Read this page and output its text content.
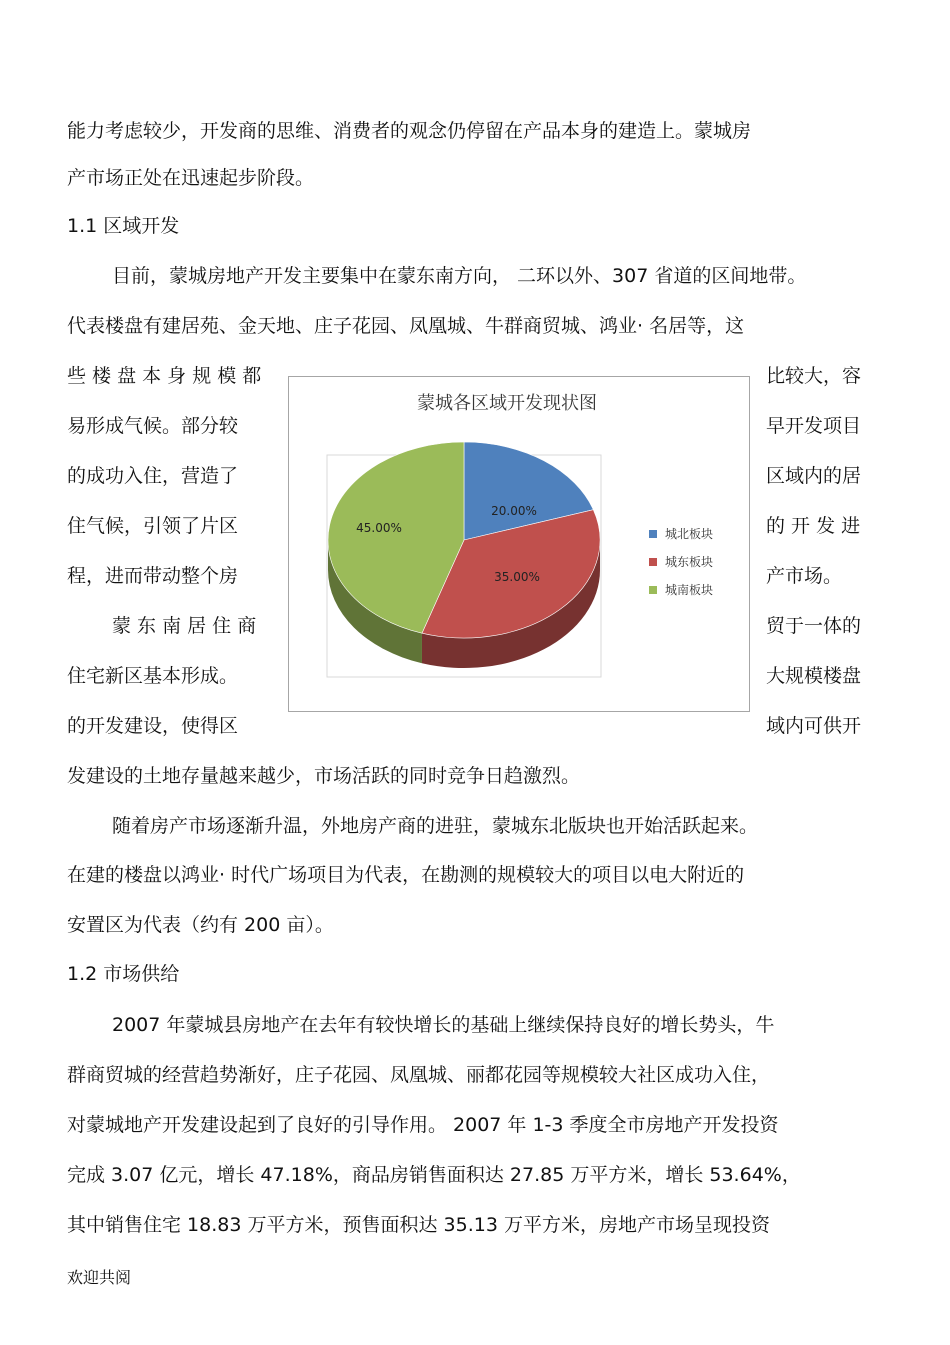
能力考虑较少，开发商的思维、消费者的观念仍停留在产品本身的建造上。蒙城房
产市场正处在迅速起步阶段。
1.1 区域开发
目前，蒙城房地产开发主要集中在蒙东南方向， 二环以外、307 省道的区间地带。
代表楼盘有建居苑、金天地、庄子花园、凤凰城、牛群商贸城、鸿业· 名居等，这
些 楼 盘 本 身 规 模 都
易形成气候。部分较
的成功入住，营造了
住气候，引领了片区
程，进而带动整个房
蒙 东 南 居 住 商
住宅新区基本形成。
的开发建设，使得区
比较大，容
早开发项目
区域内的居
的 开 发 进
产市场。
贸于一体的
大规模楼盘
域内可供开
发建设的土地存量越来越少，市场活跃的同时竞争日趋激烈。
随着房产市场逐渐升温，外地房产商的进驻，蒙城东北版块也开始活跃起来。
在建的楼盘以鸿业· 时代广场项目为代表，在勘测的规模较大的项目以电大附近的
安置区为代表（约有 200 亩）。
1.2 市场供给
2007 年蒙城县房地产在去年有较快增长的基础上继续保持良好的增长势头，牛
群商贸城的经营趋势渐好，庄子花园、凤凰城、丽都花园等规模较大社区成功入住，
对蒙城地产开发建设起到了良好的引导作用。 2007 年 1-3 季度全市房地产开发投资
完成 3.07 亿元，增长 47.18%，商品房销售面积达 27.85 万平方米，增长 53.64%，
其中销售住宅 18.83 万平方米，预售面积达 35.13 万平方米，房地产市场呈现投资
欢迎共阅
蒙城各区域开发现状图
20.00%
35.00%
45.00%	城北板块
城东板块
城南板块
